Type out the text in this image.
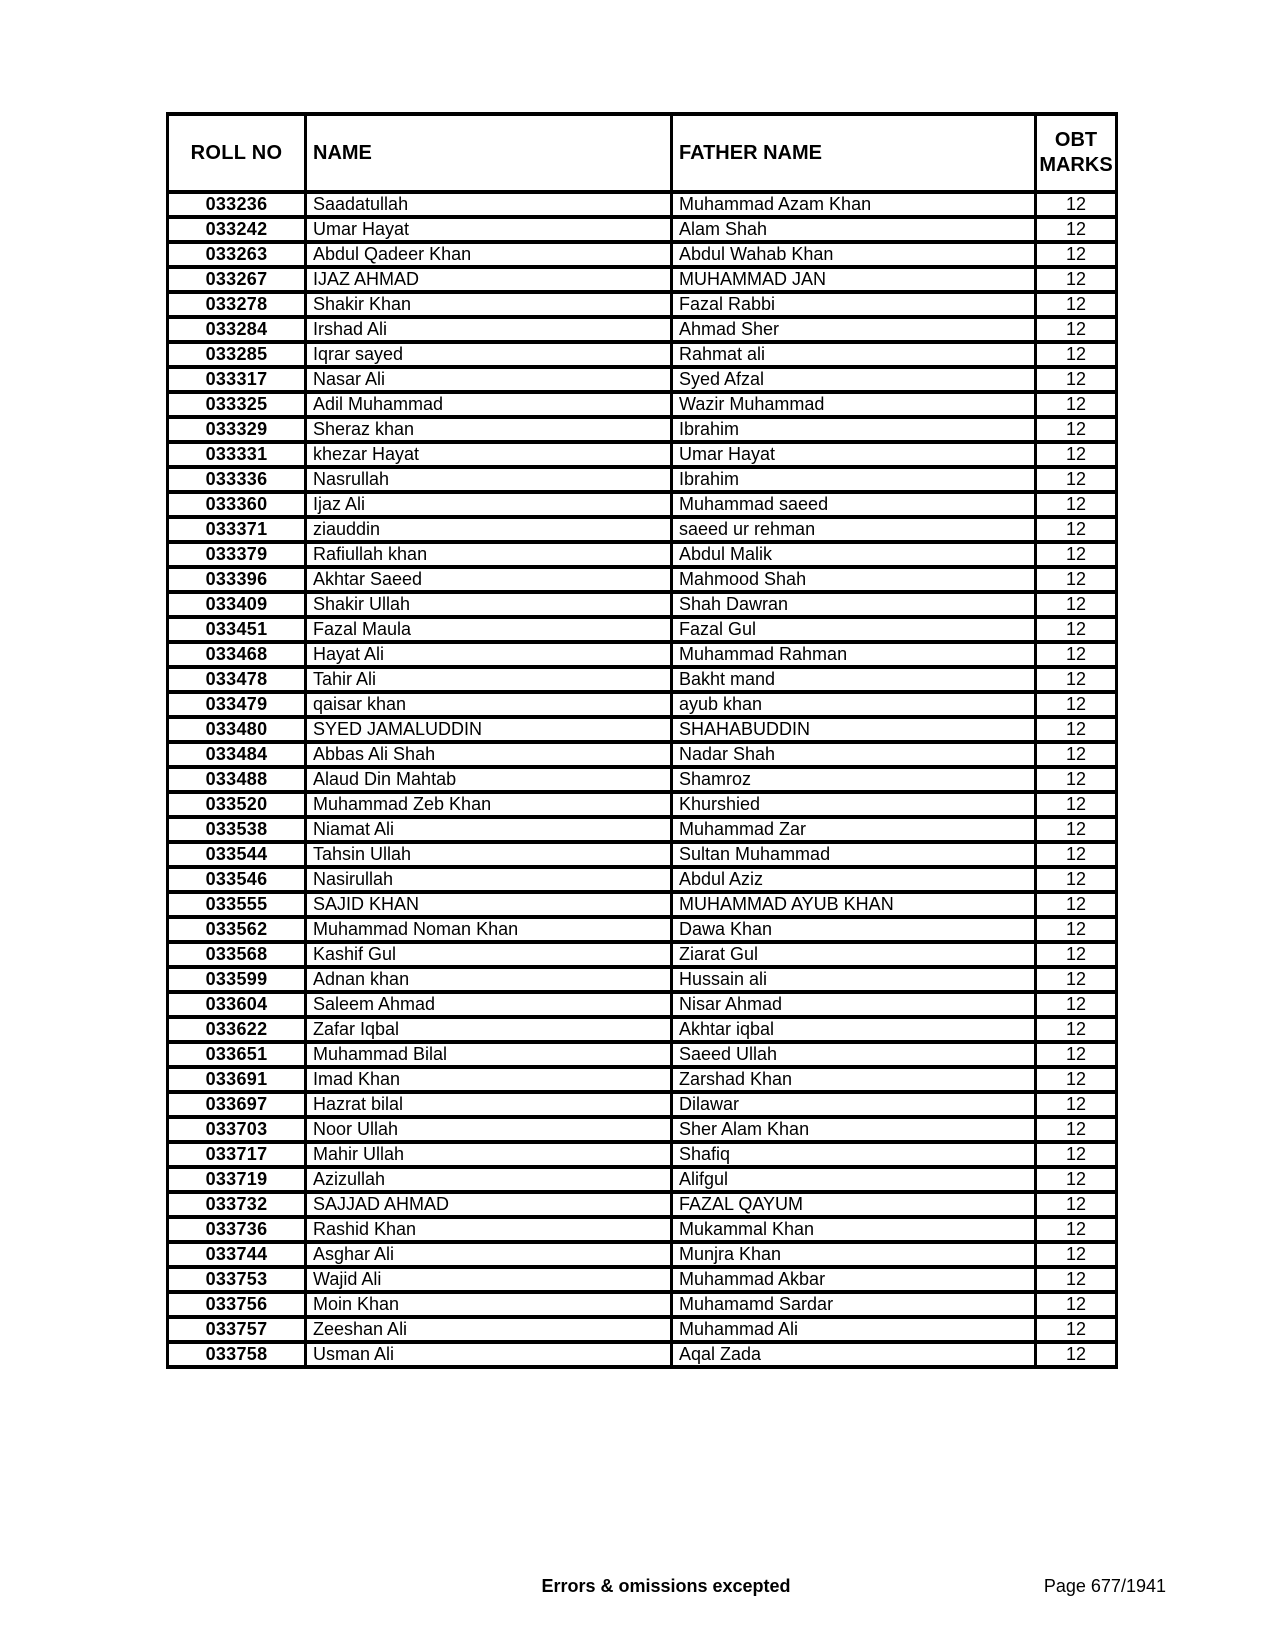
ROLL NO	NAME	FATHER NAME	OBT MARKS
033236	Saadatullah	Muhammad Azam Khan	12
033242	Umar Hayat	Alam Shah	12
033263	Abdul Qadeer Khan	Abdul Wahab Khan	12
033267	IJAZ AHMAD	MUHAMMAD JAN	12
033278	Shakir Khan	Fazal Rabbi	12
033284	Irshad Ali	Ahmad Sher	12
033285	Iqrar sayed	Rahmat ali	12
033317	Nasar Ali	Syed Afzal	12
033325	Adil Muhammad	Wazir Muhammad	12
033329	Sheraz khan	Ibrahim	12
033331	khezar Hayat	Umar Hayat	12
033336	Nasrullah	Ibrahim	12
033360	Ijaz Ali	Muhammad saeed	12
033371	ziauddin	saeed ur rehman	12
033379	Rafiullah khan	Abdul Malik	12
033396	Akhtar Saeed	Mahmood Shah	12
033409	Shakir Ullah	Shah Dawran	12
033451	Fazal Maula	Fazal Gul	12
033468	Hayat Ali	Muhammad Rahman	12
033478	Tahir Ali	Bakht mand	12
033479	qaisar khan	ayub khan	12
033480	SYED JAMALUDDIN	SHAHABUDDIN	12
033484	Abbas Ali Shah	Nadar Shah	12
033488	Alaud Din Mahtab	Shamroz	12
033520	Muhammad Zeb Khan	Khurshied	12
033538	Niamat Ali	Muhammad Zar	12
033544	Tahsin Ullah	Sultan Muhammad	12
033546	Nasirullah	Abdul Aziz	12
033555	SAJID KHAN	MUHAMMAD AYUB KHAN	12
033562	Muhammad Noman Khan	Dawa Khan	12
033568	Kashif Gul	Ziarat Gul	12
033599	Adnan khan	Hussain ali	12
033604	Saleem Ahmad	Nisar Ahmad	12
033622	Zafar Iqbal	Akhtar iqbal	12
033651	Muhammad Bilal	Saeed Ullah	12
033691	Imad Khan	Zarshad Khan	12
033697	Hazrat bilal	Dilawar	12
033703	Noor Ullah	Sher Alam Khan	12
033717	Mahir Ullah	Shafiq	12
033719	Azizullah	Alifgul	12
033732	SAJJAD AHMAD	FAZAL QAYUM	12
033736	Rashid Khan	Mukammal Khan	12
033744	Asghar Ali	Munjra Khan	12
033753	Wajid Ali	Muhammad Akbar	12
033756	Moin Khan	Muhamamd Sardar	12
033757	Zeeshan Ali	Muhammad Ali	12
033758	Usman Ali	Aqal Zada	12
Errors & omissions excepted	Page 677/1941
